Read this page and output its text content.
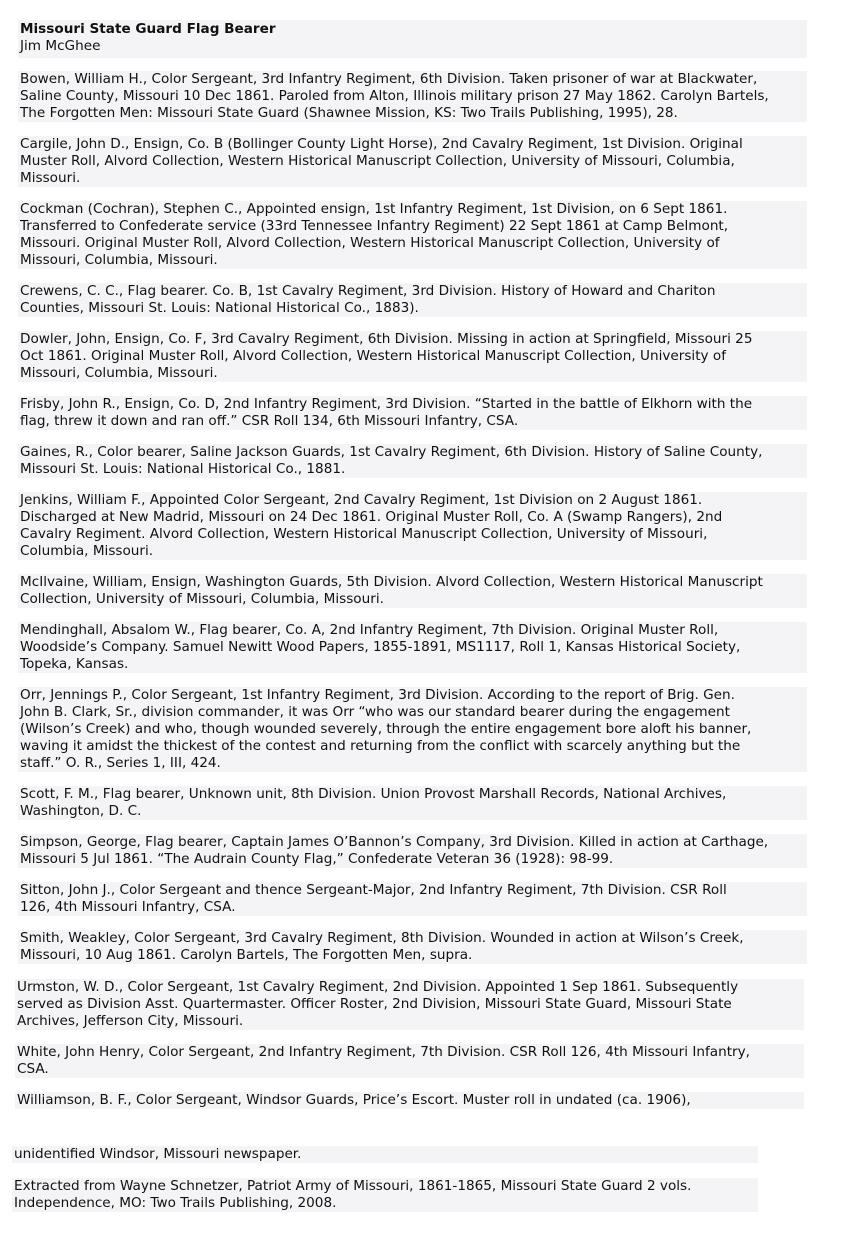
Missouri State Guard Flag Bearer
Jim McGhee
Bowen, William H., Color Sergeant, 3rd Infantry Regiment, 6th Division. Taken prisoner of war at Blackwater,
Saline County, Missouri 10 Dec 1861. Paroled from Alton, Illinois military prison 27 May 1862. Carolyn Bartels,
The Forgotten Men: Missouri State Guard (Shawnee Mission, KS: Two Trails Publishing, 1995), 28.
Cargile, John D., Ensign, Co. B (Bollinger County Light Horse), 2nd Cavalry Regiment, 1st Division. Original
Muster Roll, Alvord Collection, Western Historical Manuscript Collection, University of Missouri, Columbia,
Missouri.
Cockman (Cochran), Stephen C., Appointed ensign, 1st Infantry Regiment, 1st Division, on 6 Sept 1861.
Transferred to Confederate service (33rd Tennessee Infantry Regiment) 22 Sept 1861 at Camp Belmont,
Missouri. Original Muster Roll, Alvord Collection, Western Historical Manuscript Collection, University of
Missouri, Columbia, Missouri.
Crewens, C. C., Flag bearer. Co. B, 1st Cavalry Regiment, 3rd Division. History of Howard and Chariton
Counties, Missouri St. Louis: National Historical Co., 1883).
Dowler, John, Ensign, Co. F, 3rd Cavalry Regiment, 6th Division. Missing in action at Springfield, Missouri 25
Oct 1861. Original Muster Roll, Alvord Collection, Western Historical Manuscript Collection, University of
Missouri, Columbia, Missouri.
Frisby, John R., Ensign, Co. D, 2nd Infantry Regiment, 3rd Division. “Started in the battle of Elkhorn with the
flag, threw it down and ran off.” CSR Roll 134, 6th Missouri Infantry, CSA.
Gaines, R., Color bearer, Saline Jackson Guards, 1st Cavalry Regiment, 6th Division. History of Saline County,
Missouri St. Louis: National Historical Co., 1881.
Jenkins, William F., Appointed Color Sergeant, 2nd Cavalry Regiment, 1st Division on 2 August 1861.
Discharged at New Madrid, Missouri on 24 Dec 1861. Original Muster Roll, Co. A (Swamp Rangers), 2nd
Cavalry Regiment. Alvord Collection, Western Historical Manuscript Collection, University of Missouri,
Columbia, Missouri.
McIlvaine, William, Ensign, Washington Guards, 5th Division. Alvord Collection, Western Historical Manuscript
Collection, University of Missouri, Columbia, Missouri.
Mendinghall, Absalom W., Flag bearer, Co. A, 2nd Infantry Regiment, 7th Division. Original Muster Roll,
Woodside’s Company. Samuel Newitt Wood Papers, 1855-1891, MS1117, Roll 1, Kansas Historical Society,
Topeka, Kansas.
Orr, Jennings P., Color Sergeant, 1st Infantry Regiment, 3rd Division. According to the report of Brig. Gen.
John B. Clark, Sr., division commander, it was Orr “who was our standard bearer during the engagement
(Wilson’s Creek) and who, though wounded severely, through the entire engagement bore aloft his banner,
waving it amidst the thickest of the contest and returning from the conflict with scarcely anything but the
staff.” O. R., Series 1, III, 424.
Scott, F. M., Flag bearer, Unknown unit, 8th Division. Union Provost Marshall Records, National Archives,
Washington, D. C.
Simpson, George, Flag bearer, Captain James O’Bannon’s Company, 3rd Division. Killed in action at Carthage,
Missouri 5 Jul 1861. “The Audrain County Flag,” Confederate Veteran 36 (1928): 98-99.
Sitton, John J., Color Sergeant and thence Sergeant-Major, 2nd Infantry Regiment, 7th Division. CSR Roll
126, 4th Missouri Infantry, CSA.
Smith, Weakley, Color Sergeant, 3rd Cavalry Regiment, 8th Division. Wounded in action at Wilson’s Creek,
Missouri, 10 Aug 1861. Carolyn Bartels, The Forgotten Men, supra.
Urmston, W. D., Color Sergeant, 1st Cavalry Regiment, 2nd Division. Appointed 1 Sep 1861. Subsequently
served as Division Asst. Quartermaster. Officer Roster, 2nd Division, Missouri State Guard, Missouri State
Archives, Jefferson City, Missouri.
White, John Henry, Color Sergeant, 2nd Infantry Regiment, 7th Division. CSR Roll 126, 4th Missouri Infantry,
CSA.
Williamson, B. F., Color Sergeant, Windsor Guards, Price’s Escort. Muster roll in undated (ca. 1906),
unidentified Windsor, Missouri newspaper.
Extracted from Wayne Schnetzer, Patriot Army of Missouri, 1861-1865, Missouri State Guard 2 vols.
Independence, MO: Two Trails Publishing, 2008.
